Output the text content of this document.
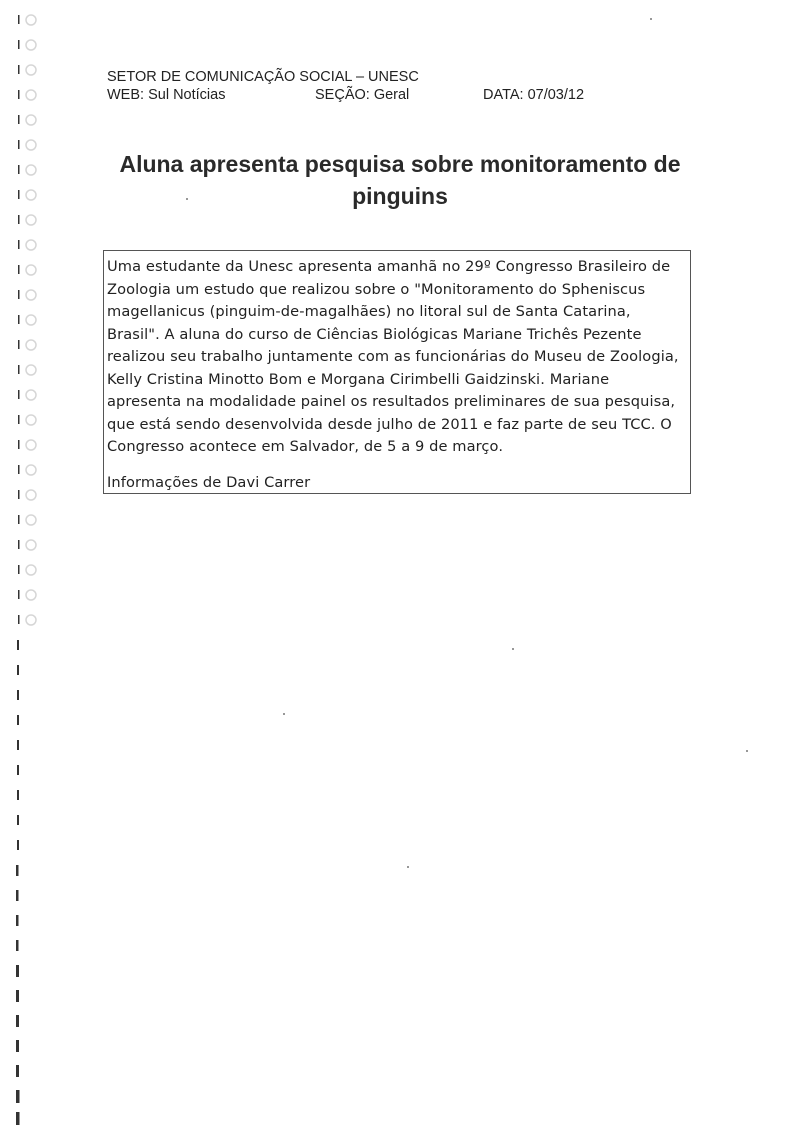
SETOR DE COMUNICAÇÃO SOCIAL – UNESC
WEB: Sul Notícias	SEÇÃO: Geral	DATA: 07/03/12
Aluna apresenta pesquisa sobre monitoramento de
pinguins

Uma estudante da Unesc apresenta amanhã no 29º Congresso Brasileiro de Zoologia um estudo que realizou sobre o "Monitoramento do Spheniscus magellanicus (pinguim-de-magalhães) no litoral sul de Santa Catarina, Brasil". A aluna do curso de Ciências Biológicas Mariane Trichês Pezente realizou seu trabalho juntamente com as funcionárias do Museu de Zoologia, Kelly Cristina Minotto Bom e Morgana Cirimbelli Gaidzinski. Mariane apresenta na modalidade painel os resultados preliminares de sua pesquisa, que está sendo desenvolvida desde julho de 2011 e faz parte de seu TCC. O Congresso acontece em Salvador, de 5 a 9 de março.

Informações de Davi Carrer
